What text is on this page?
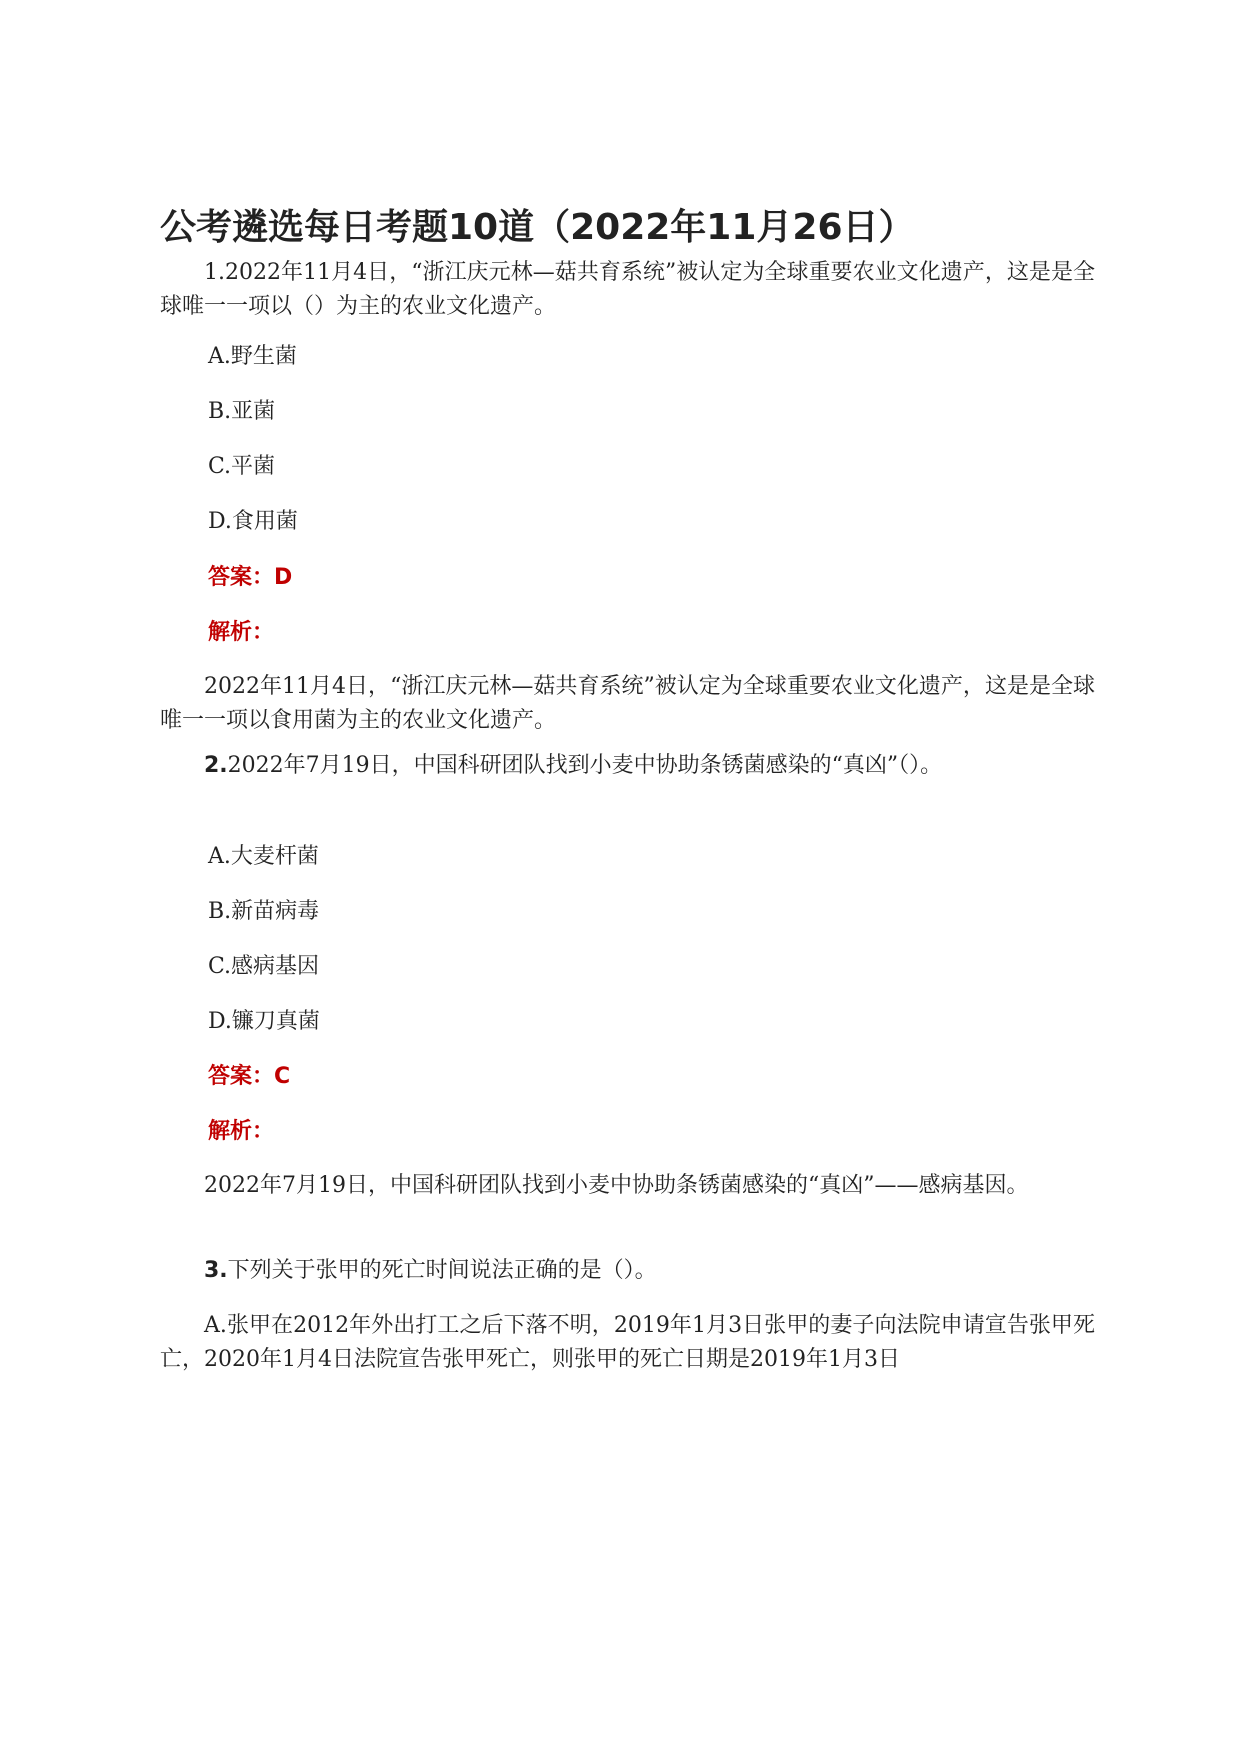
公考遴选每日考题10道（2022年11月26日）

1.2022年11月4日，“浙江庆元林—菇共育系统”被认定为全球重要农业文化遗产，这是是全球唯一一项以（）为主的农业文化遗产。

A.野生菌

B.亚菌

C.平菌

D.食用菌

答案：D

解析：

2022年11月4日，“浙江庆元林—菇共育系统”被认定为全球重要农业文化遗产，这是是全球唯一一项以食用菌为主的农业文化遗产。

2.2022年7月19日，中国科研团队找到小麦中协助条锈菌感染的“真凶”（）。

A.大麦杆菌

B.新苗病毒

C.感病基因

D.镰刀真菌

答案：C

解析：

2022年7月19日，中国科研团队找到小麦中协助条锈菌感染的“真凶”——感病基因。

3.下列关于张甲的死亡时间说法正确的是（）。

A.张甲在2012年外出打工之后下落不明，2019年1月3日张甲的妻子向法院申请宣告张甲死亡，2020年1月4日法院宣告张甲死亡，则张甲的死亡日期是2019年1月3日
